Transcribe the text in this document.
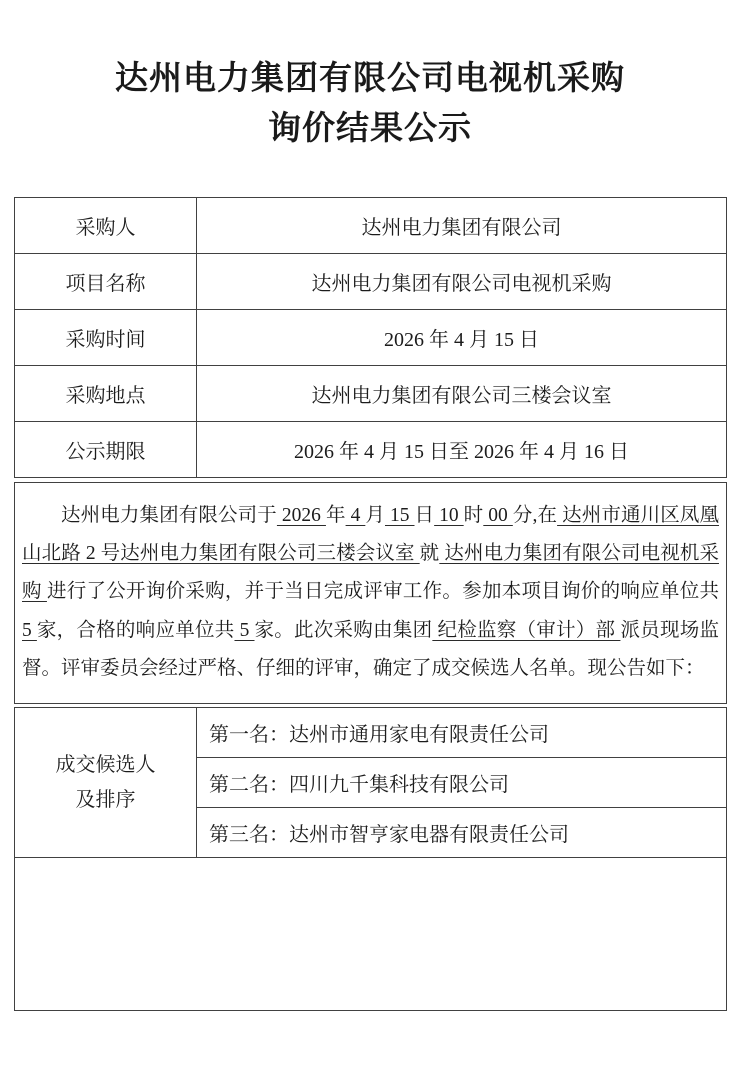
达州电力集团有限公司电视机采购
询价结果公示
采购人	达州电力集团有限公司
项目名称	达州电力集团有限公司电视机采购
采购时间	2026 年 4 月 15 日
采购地点	达州电力集团有限公司三楼会议室
公示期限	2026 年 4 月 15 日至 2026 年 4 月 16 日
达州电力集团有限公司于 2026 年 4 月 15 日 10 时 00 分,在 达州市通川区凤凰山北路 2 号达州电力集团有限公司三楼会议室 就 达州电力集团有限公司电视机采购 进行了公开询价采购，并于当日完成评审工作。参加本项目询价的响应单位共 5 家，合格的响应单位共 5 家。此次采购由集团 纪检监察（审计）部 派员现场监督。评审委员会经过严格、仔细的评审，确定了成交候选人名单。现公告如下：
成交候选人
及排序
	第一名：达州市通用家电有限责任公司
第二名：四川九千集科技有限公司
第三名：达州市智亨家电器有限责任公司
